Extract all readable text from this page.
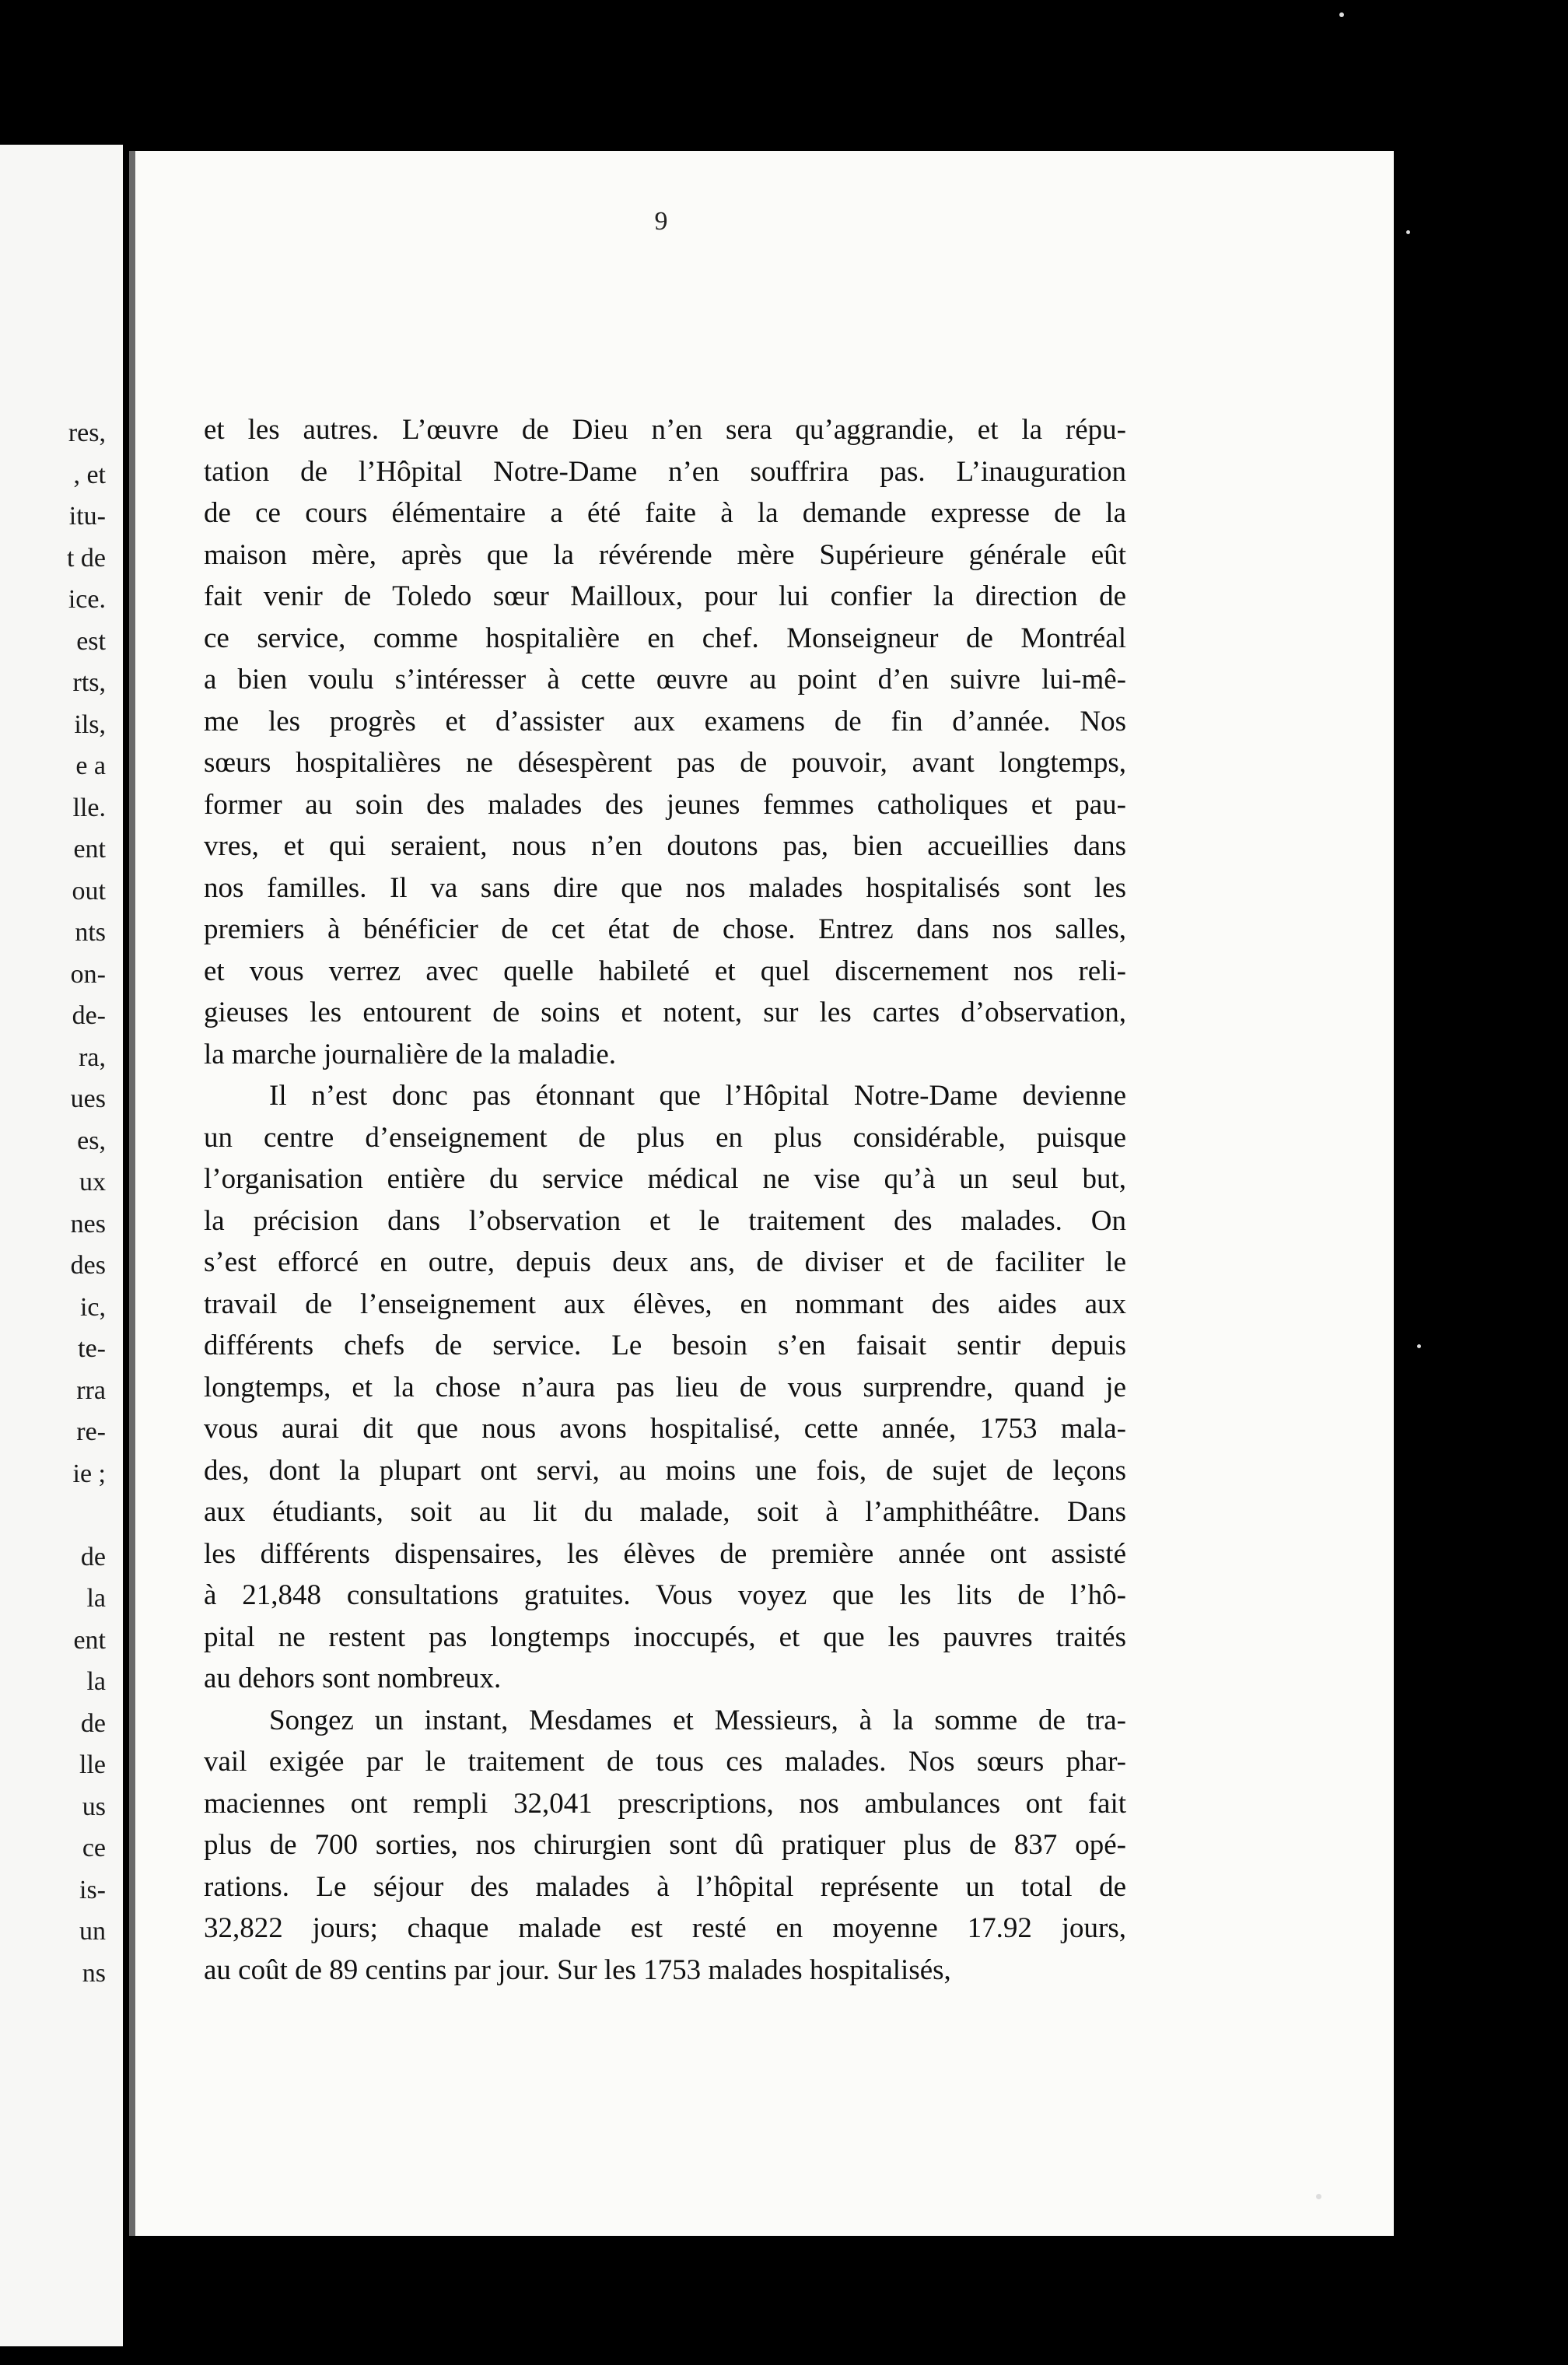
res,
, et
itu-
t de
ice.
est
rts,
ils,
e a
lle.
ent
out
nts
on-
de-
ra,
ues
es,
ux
nes
des
ic,
te-
rra
re-
ie ;
de
la
ent
la
de
lle
us
ce
is-
un
ns
9
et les autres. L’œuvre de Dieu n’en sera qu’aggrandie, et la répu-
tation de l’Hôpital Notre-Dame n’en souffrira pas. L’inauguration
de ce cours élémentaire a été faite à la demande expresse de la
maison mère, après que la révérende mère Supérieure générale eût
fait venir de Toledo sœur Mailloux, pour lui confier la direction de
ce service, comme hospitalière en chef. Monseigneur de Montréal
a bien voulu s’intéresser à cette œuvre au point d’en suivre lui-mê-
me les progrès et d’assister aux examens de fin d’année. Nos
sœurs hospitalières ne désespèrent pas de pouvoir, avant longtemps,
former au soin des malades des jeunes femmes catholiques et pau-
vres, et qui seraient, nous n’en doutons pas, bien accueillies dans
nos familles. Il va sans dire que nos malades hospitalisés sont les
premiers à bénéficier de cet état de chose. Entrez dans nos salles,
et vous verrez avec quelle habileté et quel discernement nos reli-
gieuses les entourent de soins et notent, sur les cartes d’observation,
la marche journalière de la maladie.
Il n’est donc pas étonnant que l’Hôpital Notre-Dame devienne
un centre d’enseignement de plus en plus considérable, puisque
l’organisation entière du service médical ne vise qu’à un seul but,
la précision dans l’observation et le traitement des malades. On
s’est efforcé en outre, depuis deux ans, de diviser et de faciliter le
travail de l’enseignement aux élèves, en nommant des aides aux
différents chefs de service. Le besoin s’en faisait sentir depuis
longtemps, et la chose n’aura pas lieu de vous surprendre, quand je
vous aurai dit que nous avons hospitalisé, cette année, 1753 mala-
des, dont la plupart ont servi, au moins une fois, de sujet de leçons
aux étudiants, soit au lit du malade, soit à l’amphithéâtre. Dans
les différents dispensaires, les élèves de première année ont assisté
à 21,848 consultations gratuites. Vous voyez que les lits de l’hô-
pital ne restent pas longtemps inoccupés, et que les pauvres traités
au dehors sont nombreux.
Songez un instant, Mesdames et Messieurs, à la somme de tra-
vail exigée par le traitement de tous ces malades. Nos sœurs phar-
maciennes ont rempli 32,041 prescriptions, nos ambulances ont fait
plus de 700 sorties, nos chirurgien sont dû pratiquer plus de 837 opé-
rations. Le séjour des malades à l’hôpital représente un total de
32,822 jours; chaque malade est resté en moyenne 17.92 jours,
au coût de 89 centins par jour. Sur les 1753 malades hospitalisés,
